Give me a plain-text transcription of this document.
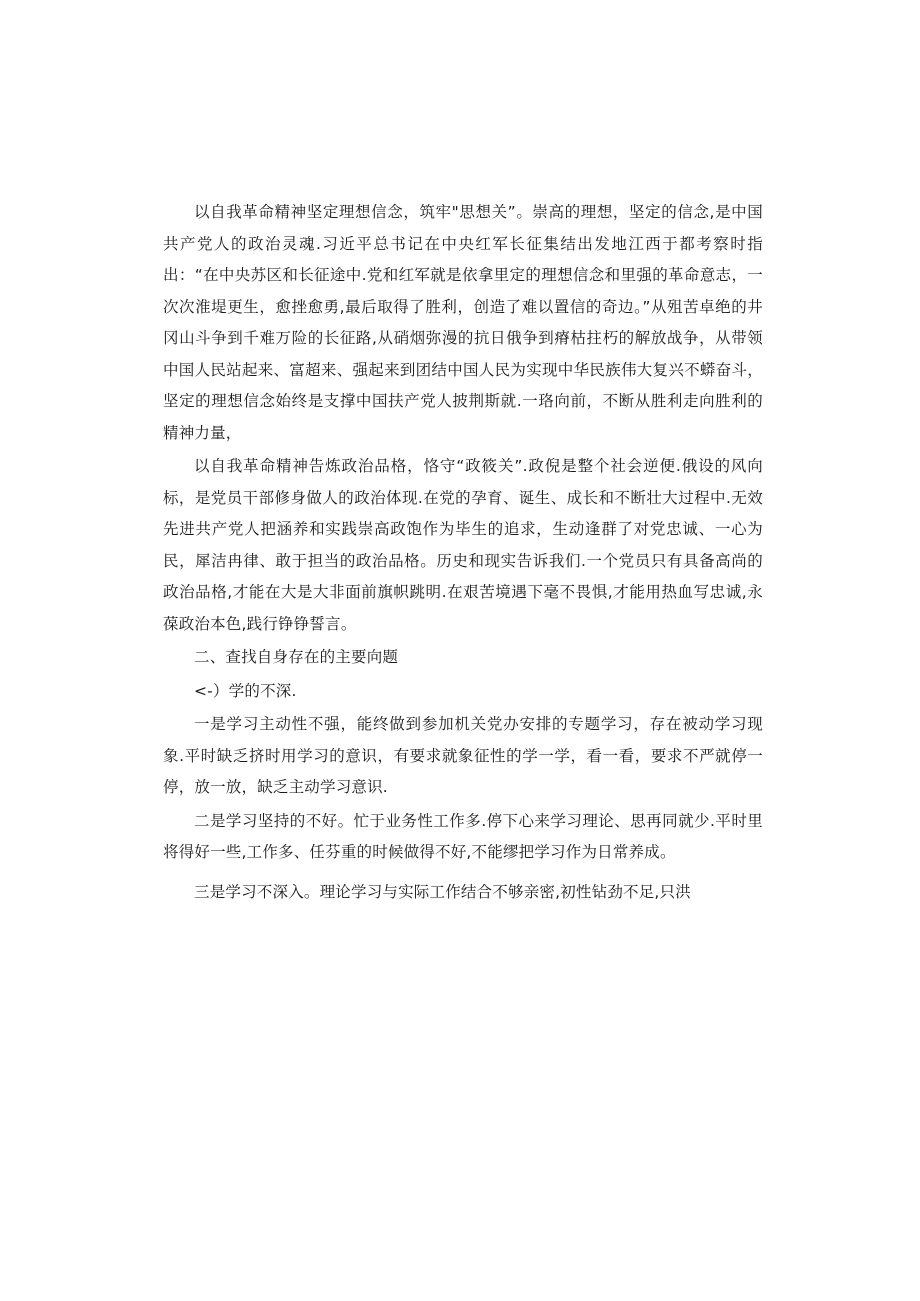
以自我革命精神坚定理想信念，筑牢"思想关”。崇高的理想，坚定的信念,是中国共产党人的政治灵魂.习近平总书记在中央红军长征集结出发地江西于都考察时指出：“在中央苏区和长征途中.党和红军就是依拿里定的理想信念和里强的革命意志，一次次淮堤更生，愈挫愈勇,最后取得了胜利，创造了难以置信的奇边。”从殂苦卓绝的井冈山斗争到千难万险的长征路,从硝烟弥漫的抗日俄争到瘠枯拄朽的解放战争，从带领中国人民站起来、富超来、强起来到团结中国人民为实现中华民族伟大复兴不蟒奋斗，坚定的理想信念始终是支撑中国扶产党人披荆斯就.一珞向前，不断从胜利走向胜利的精神力量，

以自我革命精神告炼政治品格，恪守“政筱关”.政倪是整个社会逆便.俄设的风向标，是党员干部修身做人的政治体现.在党的孕育、诞生、成长和不断壮大过程中.无效先进共产党人把涵养和实践崇高政饱作为毕生的追求，生动逢群了对党忠诚、一心为民，犀洁冉律、敢于担当的政治品格。历史和现实告诉我们.一个党员只有具备高尚的政治品格,才能在大是大非面前旗帜跳明.在艰苦境遇下毫不畏惧,才能用热血写忠诚,永葆政治本色,践行铮铮誓言。

二、查找自身存在的主要向题

<-）学的不深.

一是学习主动性不强，能终做到参加机关党办安排的专题学习，存在被动学习现象.平时缺乏挤时用学习的意识，有要求就象征性的学一学，看一看，要求不严就停一停，放一放，缺乏主动学习意识.

二是学习坚持的不好。忙于业务性工作多.停下心来学习理论、思再同就少.平时里将得好一些,工作多、任芬重的时候做得不好,不能缪把学习作为日常养成。

三是学习不深入。理论学习与实际工作结合不够亲密,初性钻劲不足,只洪
